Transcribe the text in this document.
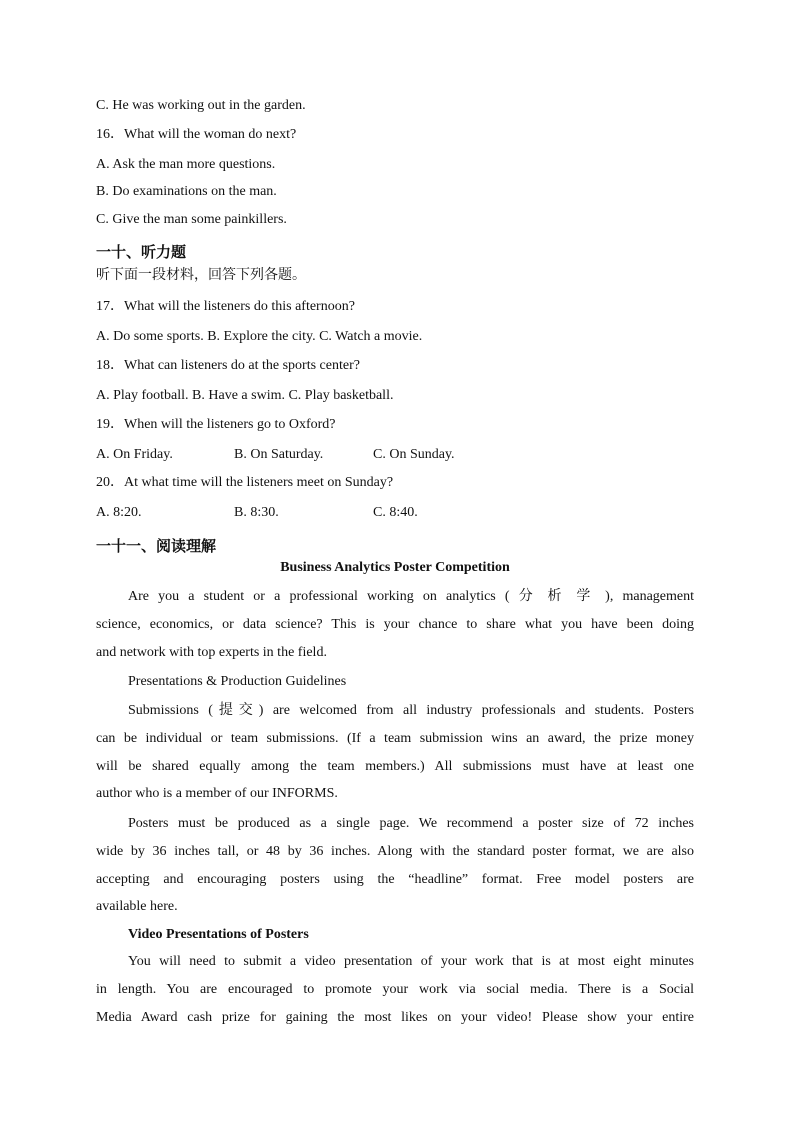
C. He was working out in the garden.
16．What will the woman do next?
A. Ask the man more questions.
B. Do examinations on the man.
C. Give the man some painkillers.
一十、听力题
听下面一段材料，回答下列各题。
17．What will the listeners do this afternoon?
A. Do some sports. B. Explore the city. C. Watch a movie.
18．What can listeners do at the sports center?
A. Play football. B. Have a swim. C. Play basketball.
19．When will the listeners go to Oxford?
A. On Friday.	B. On Saturday.	C. On Sunday.
20．At what time will the listeners meet on Sunday?
A. 8:20.	B. 8:30.	C. 8:40.
一十一、阅读理解
Business Analytics Poster Competition
Are you a student or a professional working on analytics ( 分 析 学 ), management
science, economics, or data science? This is your chance to share what you have been doing
and network with top experts in the field.
Presentations & Production Guidelines
Submissions (提交) are welcomed from all industry professionals and students. Posters
can be individual or team submissions. (If a team submission wins an award, the prize money
will be shared equally among the team members.) All submissions must have at least one
author who is a member of our INFORMS.
Posters must be produced as a single page. We recommend a poster size of 72 inches
wide by 36 inches tall, or 48 by 36 inches. Along with the standard poster format, we are also
accepting and encouraging posters using the “headline” format. Free model posters are
available here.
Video Presentations of Posters
You will need to submit a video presentation of your work that is at most eight minutes
in length. You are encouraged to promote your work via social media. There is a Social
Media Award cash prize for gaining the most likes on your video! Please show your entire
